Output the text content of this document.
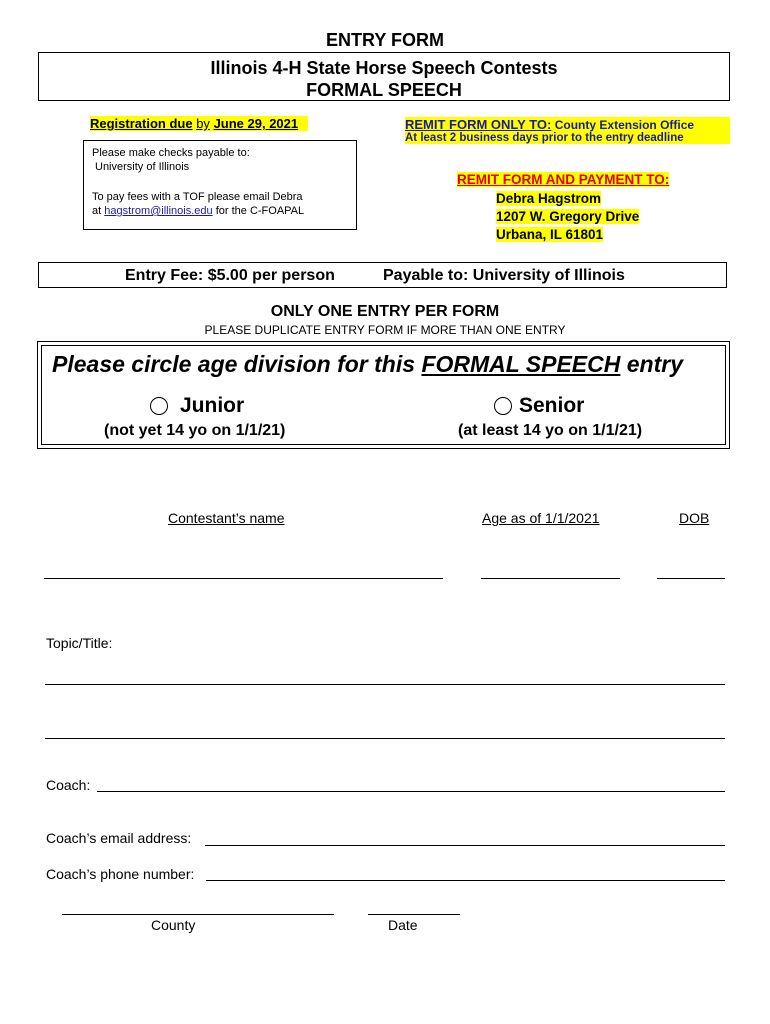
ENTRY FORM
Illinois 4-H State Horse Speech Contests
FORMAL SPEECH
Registration due by June 29, 2021	REMIT FORM ONLY TO: County Extension Office
At least 2 business days prior to the entry deadline
Please make checks payable to:
University of Illinois
To pay fees with a TOF please email Debra
at hagstrom@illinois.edu for the C-FOAPAL
REMIT FORM AND PAYMENT TO:
Debra Hagstrom
1207 W. Gregory Drive
Urbana, IL 61801
Entry Fee: $5.00 per person	Payable to: University of Illinois
ONLY ONE ENTRY PER FORM
PLEASE DUPLICATE ENTRY FORM IF MORE THAN ONE ENTRY
Please circle age division for this FORMAL SPEECH entry
Junior
(not yet 14 yo on 1/1/21)
Senior
(at least 14 yo on 1/1/21)
Contestant’s name	Age as of 1/1/2021	DOB
Topic/Title:
Coach:
Coach’s email address:
Coach’s phone number:
County	Date
